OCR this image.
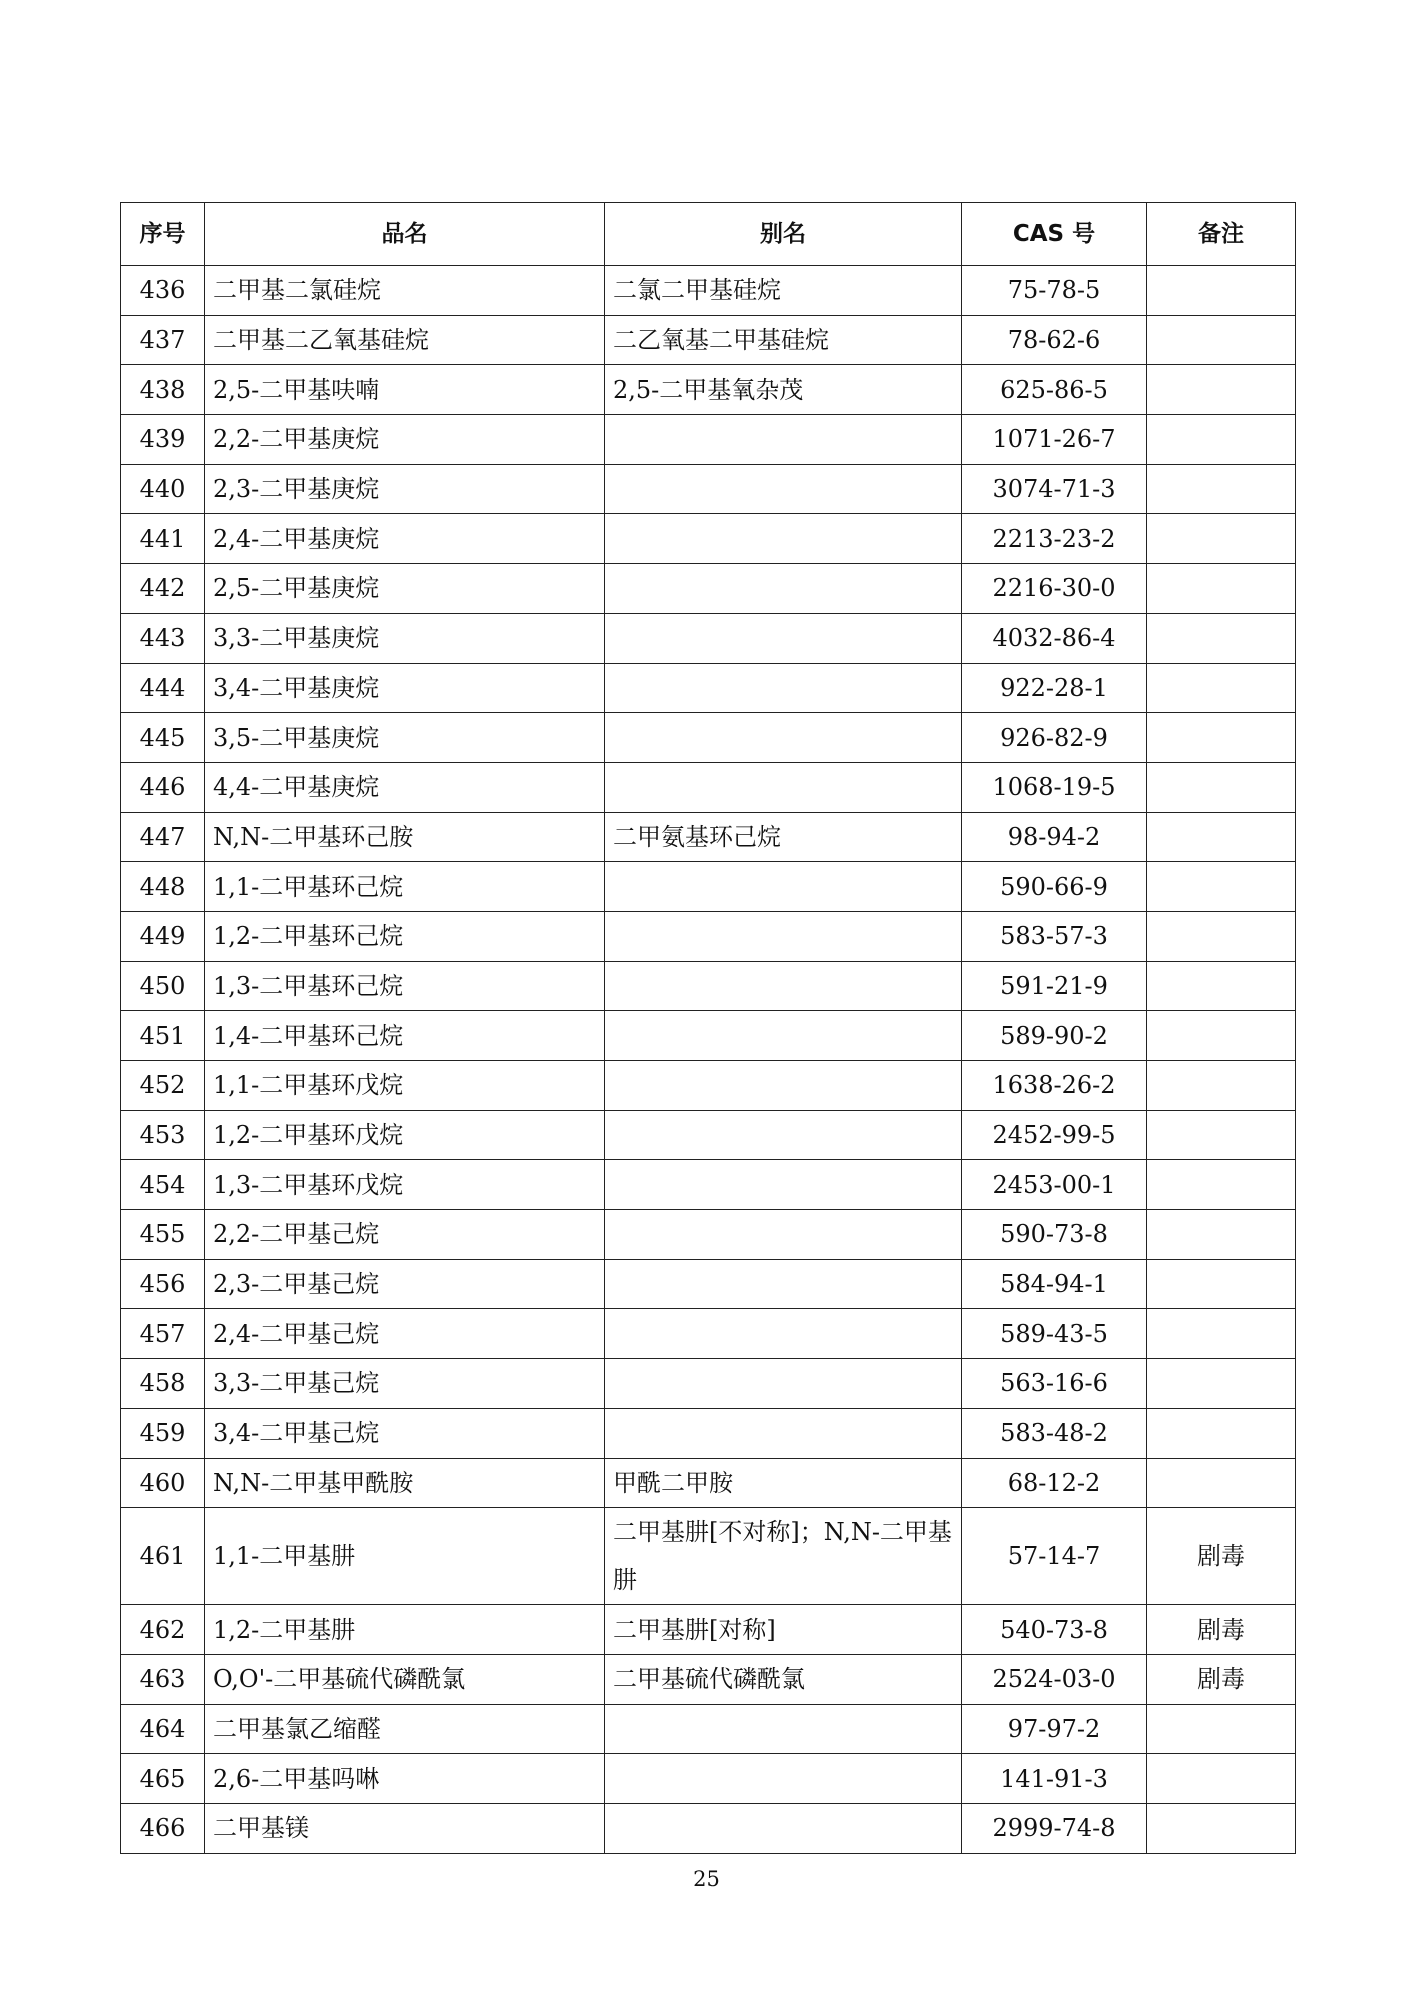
序号	品名	别名	CAS 号	备注
436	二甲基二氯硅烷	二氯二甲基硅烷	75-78-5	
437	二甲基二乙氧基硅烷	二乙氧基二甲基硅烷	78-62-6	
438	2,5-二甲基呋喃	2,5-二甲基氧杂茂	625-86-5	
439	2,2-二甲基庚烷		1071-26-7	
440	2,3-二甲基庚烷		3074-71-3	
441	2,4-二甲基庚烷		2213-23-2	
442	2,5-二甲基庚烷		2216-30-0	
443	3,3-二甲基庚烷		4032-86-4	
444	3,4-二甲基庚烷		922-28-1	
445	3,5-二甲基庚烷		926-82-9	
446	4,4-二甲基庚烷		1068-19-5	
447	N,N-二甲基环己胺	二甲氨基环己烷	98-94-2	
448	1,1-二甲基环己烷		590-66-9	
449	1,2-二甲基环己烷		583-57-3	
450	1,3-二甲基环己烷		591-21-9	
451	1,4-二甲基环己烷		589-90-2	
452	1,1-二甲基环戊烷		1638-26-2	
453	1,2-二甲基环戊烷		2452-99-5	
454	1,3-二甲基环戊烷		2453-00-1	
455	2,2-二甲基己烷		590-73-8	
456	2,3-二甲基己烷		584-94-1	
457	2,4-二甲基己烷		589-43-5	
458	3,3-二甲基己烷		563-16-6	
459	3,4-二甲基己烷		583-48-2	
460	N,N-二甲基甲酰胺	甲酰二甲胺	68-12-2	
461	1,1-二甲基肼	二甲基肼[不对称]；N,N-二甲基肼	57-14-7	剧毒
462	1,2-二甲基肼	二甲基肼[对称]	540-73-8	剧毒
463	O,O'-二甲基硫代磷酰氯	二甲基硫代磷酰氯	2524-03-0	剧毒
464	二甲基氯乙缩醛		97-97-2	
465	2,6-二甲基吗啉		141-91-3	
466	二甲基镁		2999-74-8	
25
